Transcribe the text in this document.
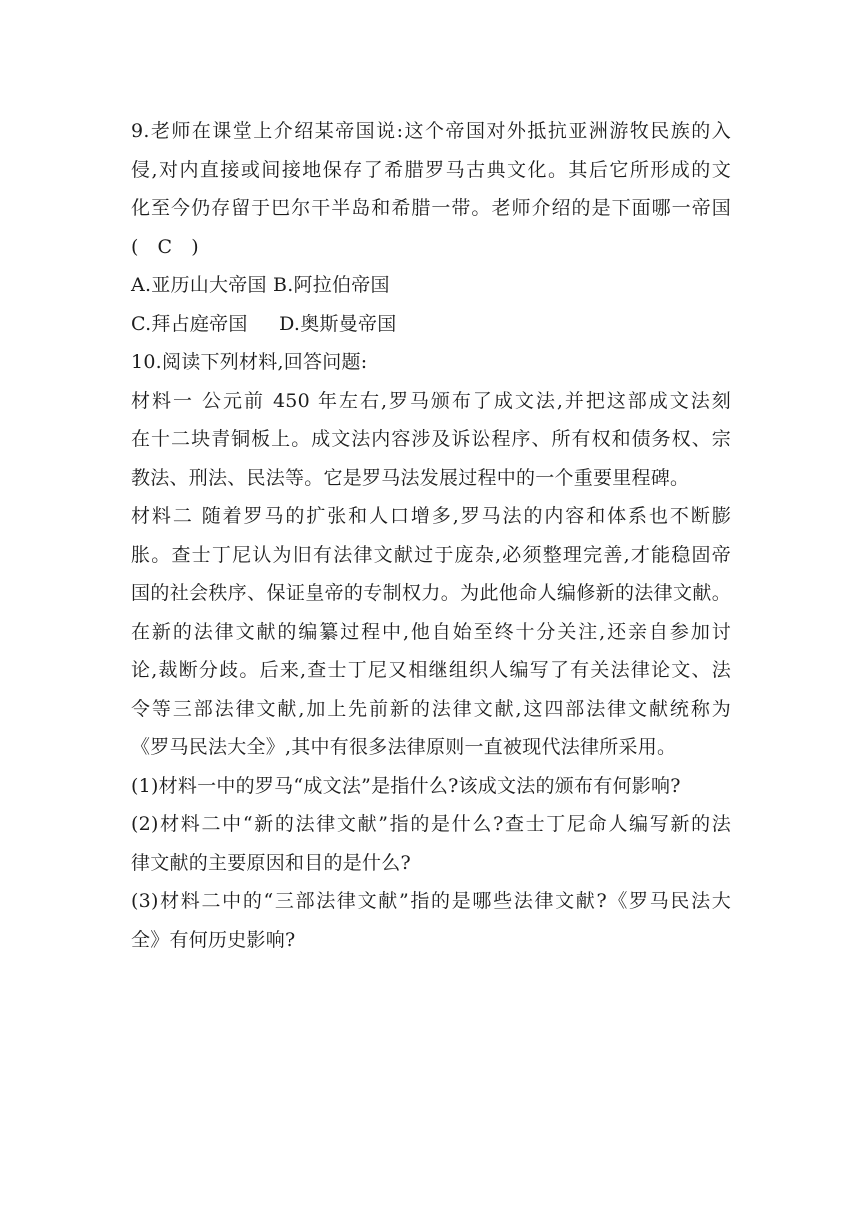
9.老师在课堂上介绍某帝国说:这个帝国对外抵抗亚洲游牧民族的入
侵,对内直接或间接地保存了希腊罗马古典文化。其后它所形成的文
化至今仍存留于巴尔干半岛和希腊一带。老师介绍的是下面哪一帝国
(   C   )
A.亚历山大帝国 B.阿拉伯帝国
C.拜占庭帝国     D.奥斯曼帝国
10.阅读下列材料,回答问题:
材料一 公元前 450 年左右,罗马颁布了成文法,并把这部成文法刻
在十二块青铜板上。成文法内容涉及诉讼程序、所有权和债务权、宗
教法、刑法、民法等。它是罗马法发展过程中的一个重要里程碑。
材料二 随着罗马的扩张和人口增多,罗马法的内容和体系也不断膨
胀。查士丁尼认为旧有法律文献过于庞杂,必须整理完善,才能稳固帝
国的社会秩序、保证皇帝的专制权力。为此他命人编修新的法律文献。
在新的法律文献的编纂过程中,他自始至终十分关注,还亲自参加讨
论,裁断分歧。后来,查士丁尼又相继组织人编写了有关法律论文、法
令等三部法律文献,加上先前新的法律文献,这四部法律文献统称为
《罗马民法大全》,其中有很多法律原则一直被现代法律所采用。
(1)材料一中的罗马“成文法”是指什么?该成文法的颁布有何影响?
(2)材料二中“新的法律文献”指的是什么?查士丁尼命人编写新的法
律文献的主要原因和目的是什么?
(3)材料二中的“三部法律文献”指的是哪些法律文献?《罗马民法大
全》有何历史影响?
